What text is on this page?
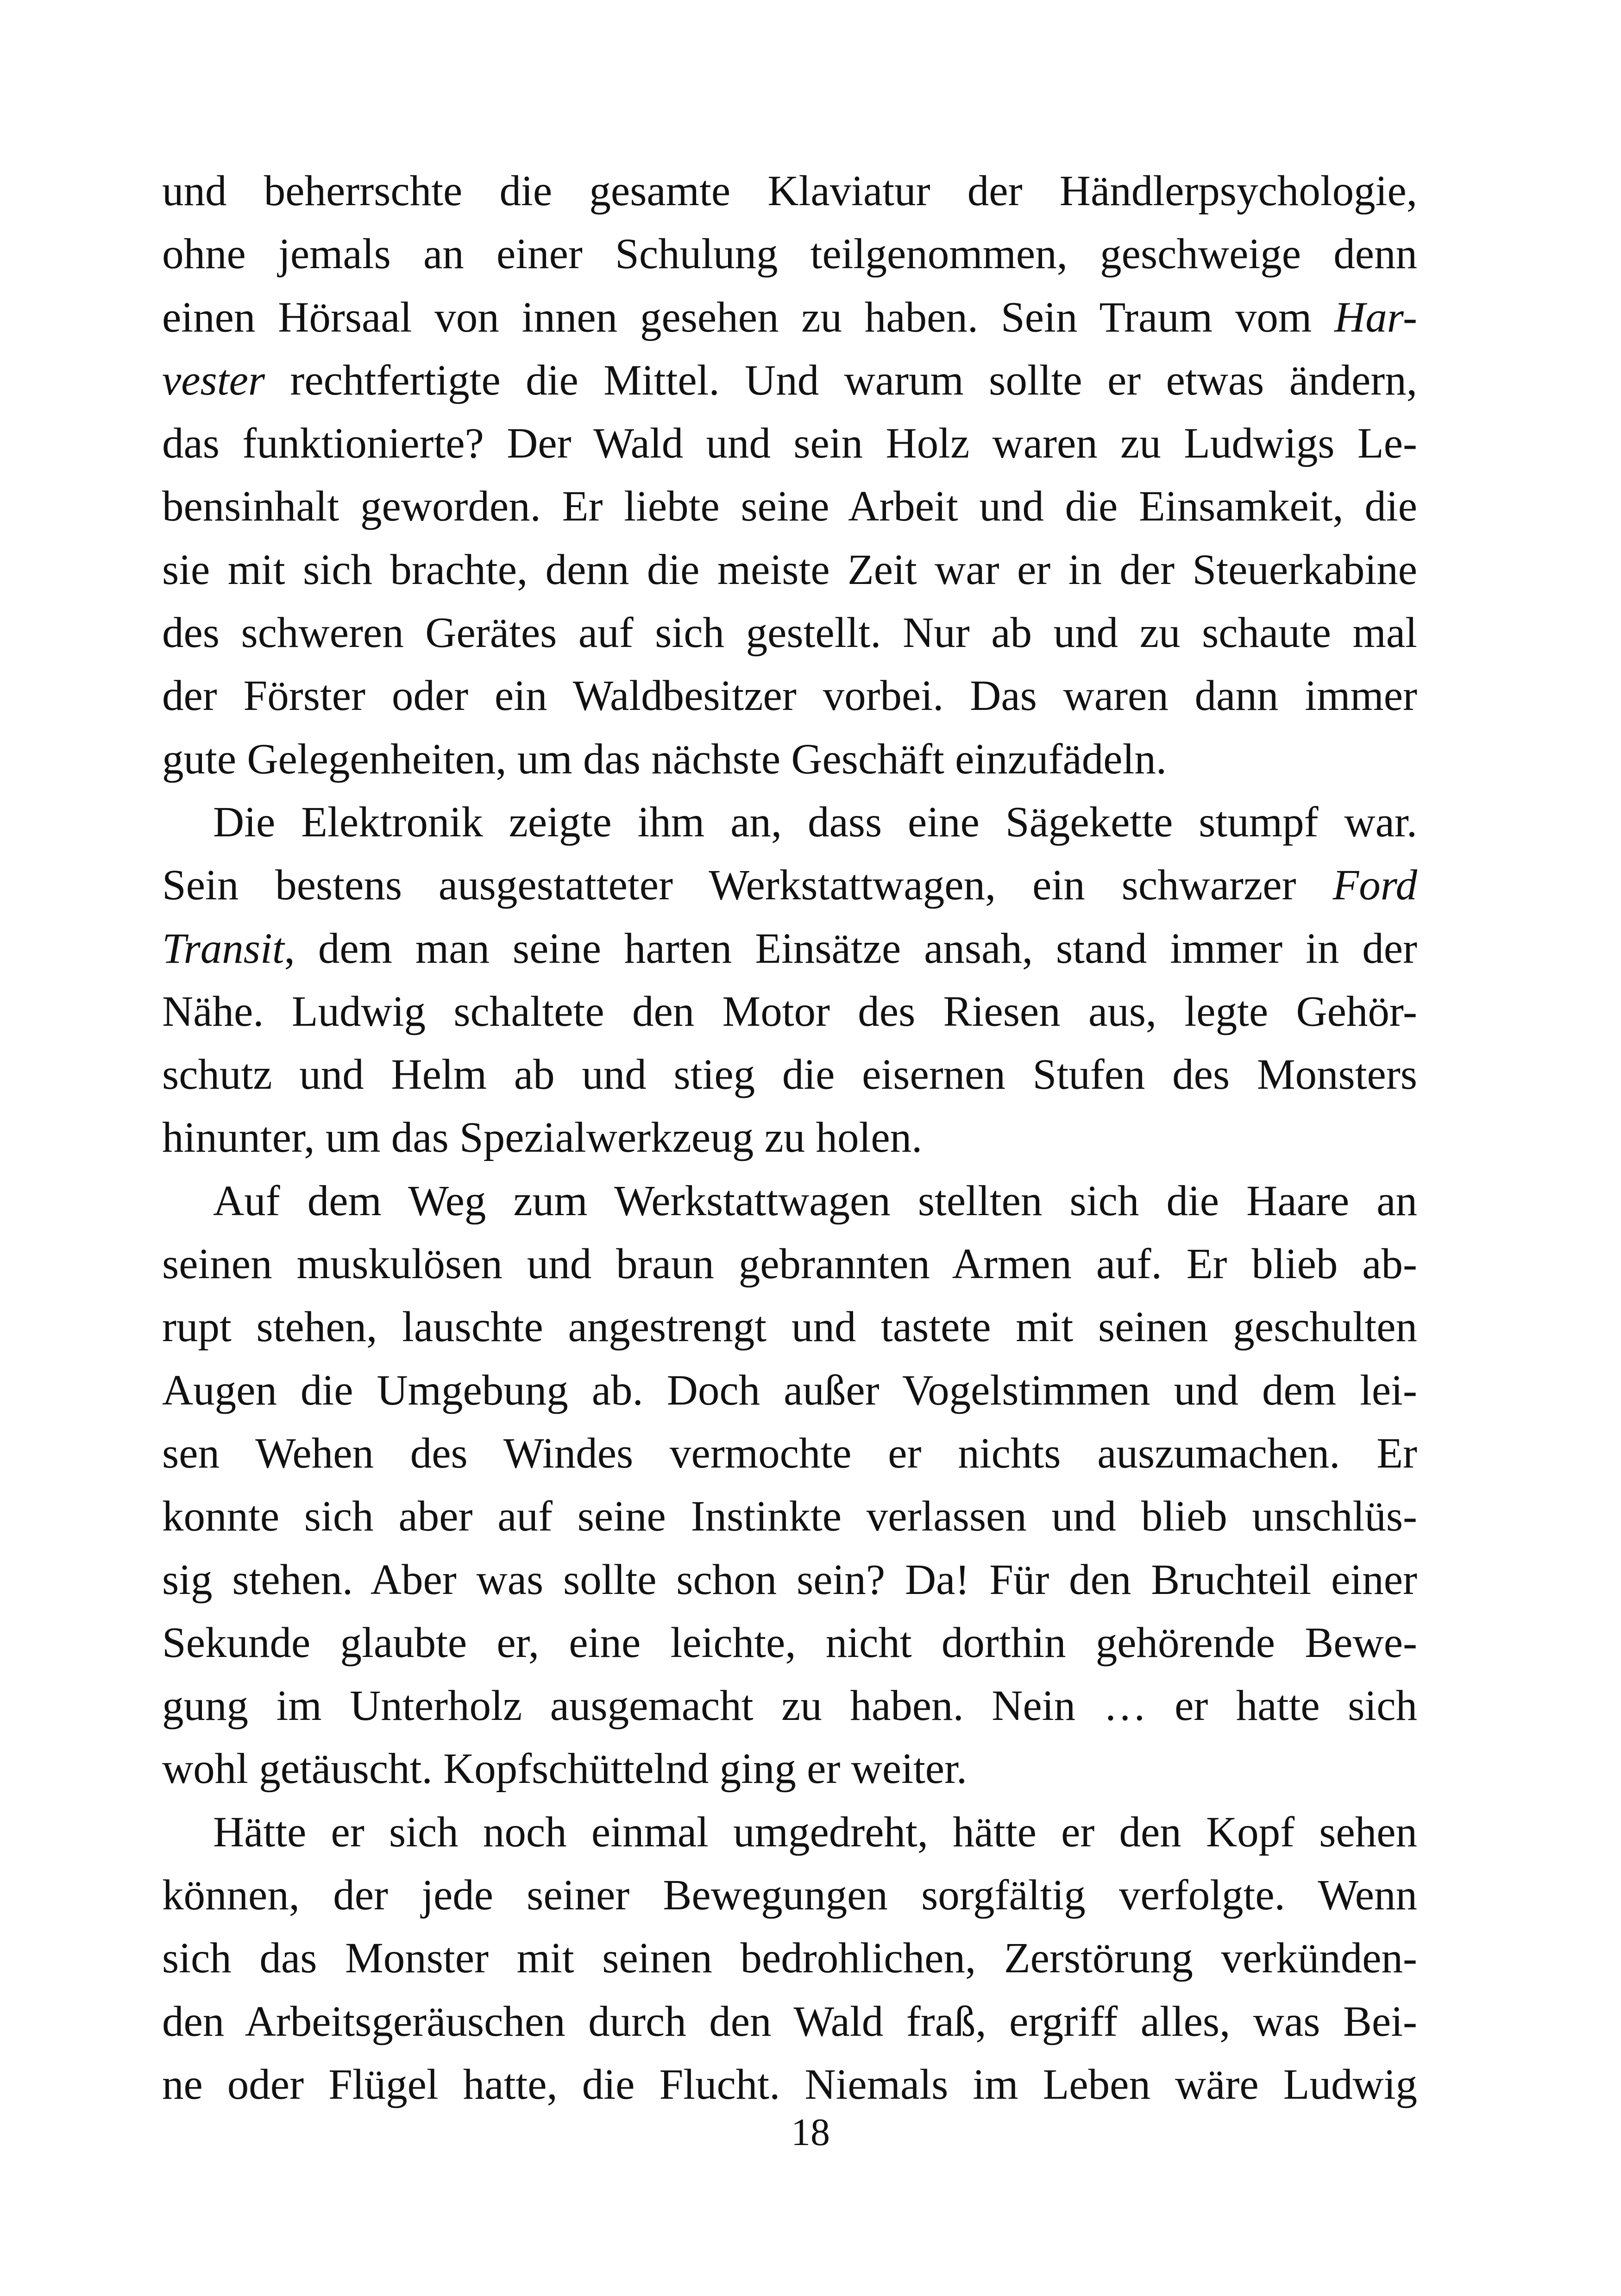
und beherrschte die gesamte Klaviatur der Händlerpsychologie,
ohne jemals an einer Schulung teilgenommen, geschweige denn
einen Hörsaal von innen gesehen zu haben. Sein Traum vom Har-
vester rechtfertigte die Mittel. Und warum sollte er etwas ändern,
das funktionierte? Der Wald und sein Holz waren zu Ludwigs Le-
bensinhalt geworden. Er liebte seine Arbeit und die Einsamkeit, die
sie mit sich brachte, denn die meiste Zeit war er in der Steuerkabine
des schweren Gerätes auf sich gestellt. Nur ab und zu schaute mal
der Förster oder ein Waldbesitzer vorbei. Das waren dann immer
gute Gelegenheiten, um das nächste Geschäft einzufädeln.
Die Elektronik zeigte ihm an, dass eine Sägekette stumpf war.
Sein bestens ausgestatteter Werkstattwagen, ein schwarzer Ford
Transit, dem man seine harten Einsätze ansah, stand immer in der
Nähe. Ludwig schaltete den Motor des Riesen aus, legte Gehör-
schutz und Helm ab und stieg die eisernen Stufen des Monsters
hinunter, um das Spezialwerkzeug zu holen.
Auf dem Weg zum Werkstattwagen stellten sich die Haare an
seinen muskulösen und braun gebrannten Armen auf. Er blieb ab-
rupt stehen, lauschte angestrengt und tastete mit seinen geschulten
Augen die Umgebung ab. Doch außer Vogelstimmen und dem lei-
sen Wehen des Windes vermochte er nichts auszumachen. Er
konnte sich aber auf seine Instinkte verlassen und blieb unschlüs-
sig stehen. Aber was sollte schon sein? Da! Für den Bruchteil einer
Sekunde glaubte er, eine leichte, nicht dorthin gehörende Bewe-
gung im Unterholz ausgemacht zu haben. Nein … er hatte sich
wohl getäuscht. Kopfschüttelnd ging er weiter.
Hätte er sich noch einmal umgedreht, hätte er den Kopf sehen
können, der jede seiner Bewegungen sorgfältig verfolgte. Wenn
sich das Monster mit seinen bedrohlichen, Zerstörung verkünden-
den Arbeitsgeräuschen durch den Wald fraß, ergriff alles, was Bei-
ne oder Flügel hatte, die Flucht. Niemals im Leben wäre Ludwig
18
